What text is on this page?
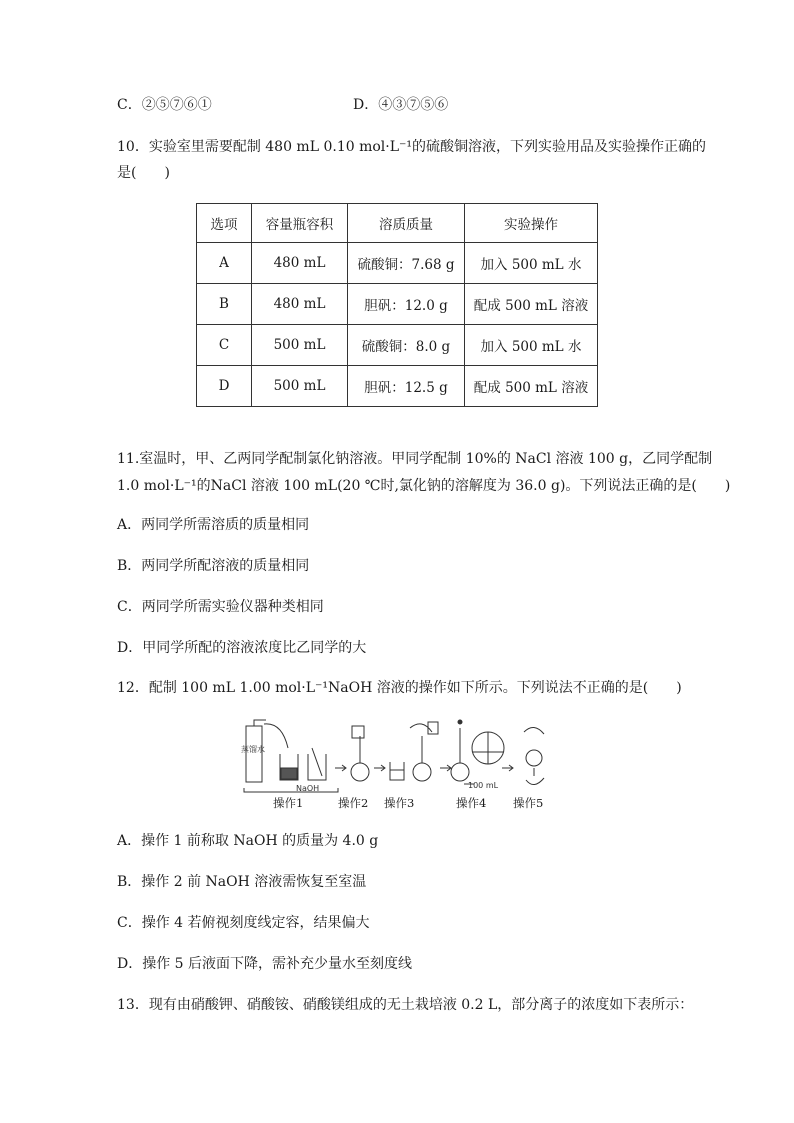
C．②⑤⑦⑥①	D．④③⑦⑤⑥
10．实验室里需要配制 480 mL 0.10 mol·L⁻¹的硫酸铜溶液，下列实验用品及实验操作正确的
是(　　)
选项	容量瓶容积	溶质质量	实验操作
A	480 mL	硫酸铜：7.68 g	加入 500 mL 水
B	480 mL	胆矾：12.0 g	配成 500 mL 溶液
C	500 mL	硫酸铜：8.0 g	加入 500 mL 水
D	500 mL	胆矾：12.5 g	配成 500 mL 溶液
11.室温时，甲、乙两同学配制氯化钠溶液。甲同学配制 10%的 NaCl 溶液 100 g，乙同学配制
1.0 mol·L⁻¹的NaCl 溶液 100 mL(20 ℃时,氯化钠的溶解度为 36.0 g)。下列说法正确的是(　　)
A．两同学所需溶质的质量相同
B．两同学所配溶液的质量相同
C．两同学所需实验仪器种类相同
D．甲同学所配的溶液浓度比乙同学的大
12．配制 100 mL 1.00 mol·L⁻¹NaOH 溶液的操作如下所示。下列说法不正确的是(　　)
蒸馏水
NaOH	100 mL
操作1	操作2 操作3	操作4 操作5
A．操作 1 前称取 NaOH 的质量为 4.0 g
B．操作 2 前 NaOH 溶液需恢复至室温
C．操作 4 若俯视刻度线定容，结果偏大
D．操作 5 后液面下降，需补充少量水至刻度线
13．现有由硝酸钾、硝酸铵、硝酸镁组成的无土栽培液 0.2 L，部分离子的浓度如下表所示：
